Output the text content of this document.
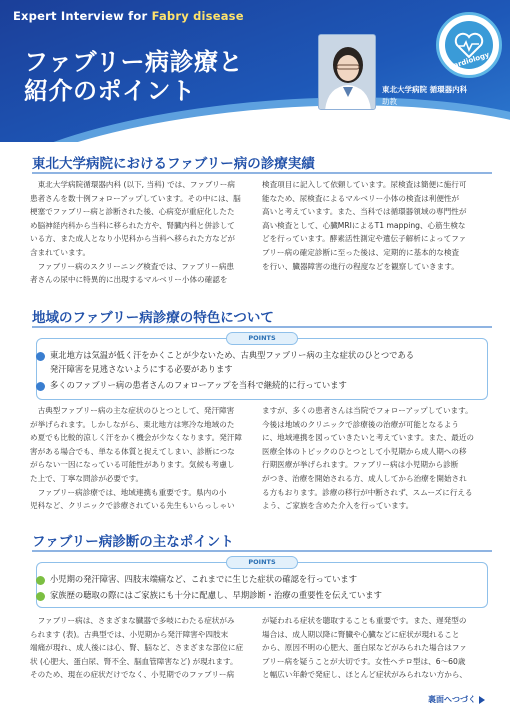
Expert Interview for Fabry disease
ファブリー病診療と
紹介のポイント	東北大学病院 循環器内科
助教
山本 沙織 先生
Cardiology
東北大学病院におけるファブリー病の診療実績
　東北大学病院循環器内科 (以下, 当科) では、ファブリー病
患者さんを数十例フォローアップしています。その中には、脳
梗塞でファブリー病と診断された後、心病変が重症化したた
め脳神経内科から当科に移られた方や、腎臓内科と併診して
いる方、また成人となり小児科から当科へ移られた方などが
含まれています。
　ファブリー病のスクリーニング検査では、ファブリー病患
者さんの尿中に特異的に出現するマルベリー小体の確認を
検査項目に記入して依頼しています。尿検査は簡便に施行可
能なため、尿検査によるマルベリー小体の検査は利便性が
高いと考えています。また、当科では循環器領域の専門性が
高い検査として、心臓MRIによるT1 mapping、心筋生検な
どを行っています。酵素活性測定や遺伝子解析によってファ
ブリー病の確定診断に至った後は、定期的に基本的な検査
を行い、臓器障害の進行の程度などを観察していきます。
地域のファブリー病診療の特色について
POINTS
東北地方は気温が低く汗をかくことが少ないため、古典型ファブリー病の主な症状のひとつである
発汗障害を見逃さないようにする必要があります
多くのファブリー病の患者さんのフォローアップを当科で継続的に行っています
　古典型ファブリー病の主な症状のひとつとして、発汗障害
が挙げられます。しかしながら、東北地方は寒冷な地域のた
め夏でも比較的涼しく汗をかく機会が少なくなります。発汗障
害がある場合でも、単なる体質と捉えてしまい、診断につな
がらない一因になっている可能性があります。気候も考慮し
た上で、丁寧な問診が必要です。
　ファブリー病診療では、地域連携も重要です。県内の小
児科など、クリニックで診療されている先生もいらっしゃい
ますが、多くの患者さんは当院でフォローアップしています。
今後は地域のクリニックで診療後の治療が可能となるよう
に、地域連携を図っていきたいと考えています。また、最近の
医療全体のトピックのひとつとして小児期から成人期への移
行期医療が挙げられます。ファブリー病は小児期から診断
がつき、治療を開始される方、成人してから治療を開始され
る方もおります。診療の移行が中断されず、スムーズに行える
よう、ご家族を含めた介入を行っています。
ファブリー病診断の主なポイント
POINTS
小児期の発汗障害、四肢末端痛など、これまでに生じた症状の確認を行っています
家族歴の聴取の際にはご家族にも十分に配慮し、早期診断・治療の重要性を伝えています
　ファブリー病は、さまざまな臓器で多岐にわたる症状がみ
られます (表)。古典型では、小児期から発汗障害や四肢末
端痛が現れ、成人後には心、腎、脳など、さまざまな部位に症
状 (心肥大、蛋白尿、腎不全、脳血管障害など) が現れます。
そのため、現在の症状だけでなく、小児期でのファブリー病
が疑われる症状を聴取することも重要です。また、遅発型の
場合は、成人期以降に腎臓や心臓などに症状が現れること
から、原因不明の心肥大、蛋白尿などがみられた場合はファ
ブリー病を疑うことが大切です。女性ヘテロ型は、6〜60歳
と幅広い年齢で発症し、ほとんど症状がみられない方から、
裏面へつづく
